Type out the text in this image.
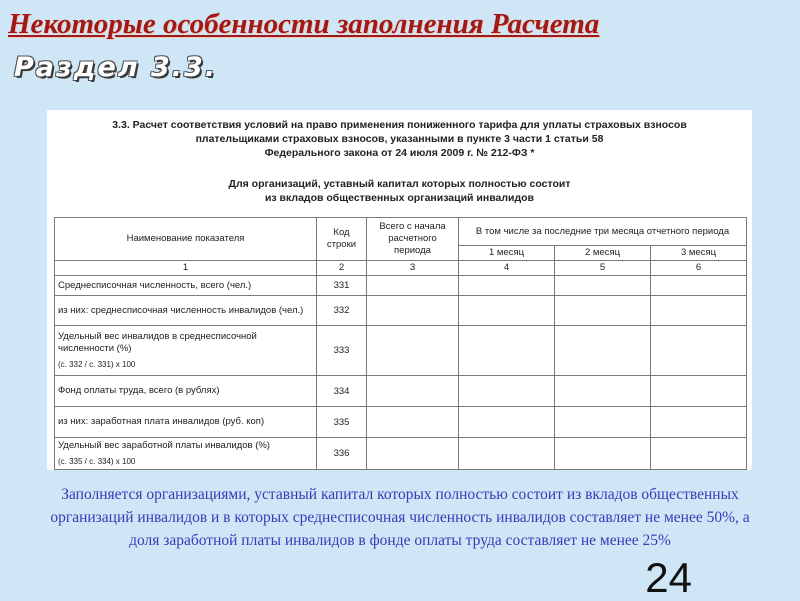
Некоторые особенности заполнения Расчета
Раздел 3.3.
3.3. Расчет соответствия условий на право применения пониженного тарифа для уплаты страховых взносов
плательщиками страховых взносов, указанными в пункте 3 части 1 статьи 58
Федерального закона от 24 июля 2009 г. № 212-ФЗ *
Для организаций, уставный капитал которых полностью состоит
из вкладов общественных организаций инвалидов
Наименование показателя	Код строки	Всего с начала расчетного периода	В том числе за последние три месяца отчетного периода		
			1 месяц	2 месяц	3 месяц
1	2	3	4	5	6
Среднесписочная численность, всего (чел.)	331				
из них: среднесписочная численность инвалидов (чел.)	332				
Удельный вес инвалидов в среднесписочной численности (%)
(с. 332 / с. 331) x 100	333				
Фонд оплаты труда, всего (в рублях)	334				
из них: заработная плата инвалидов (руб. коп)	335				
Удельный вес заработной платы инвалидов (%)
(с. 335 / с. 334) x 100	336				
Заполняется организациями, уставный капитал которых полностью состоит из вкладов общественных организаций инвалидов и в которых среднесписочная численность инвалидов составляет не менее 50%, а доля заработной платы инвалидов в фонде оплаты труда составляет не менее 25%
24
